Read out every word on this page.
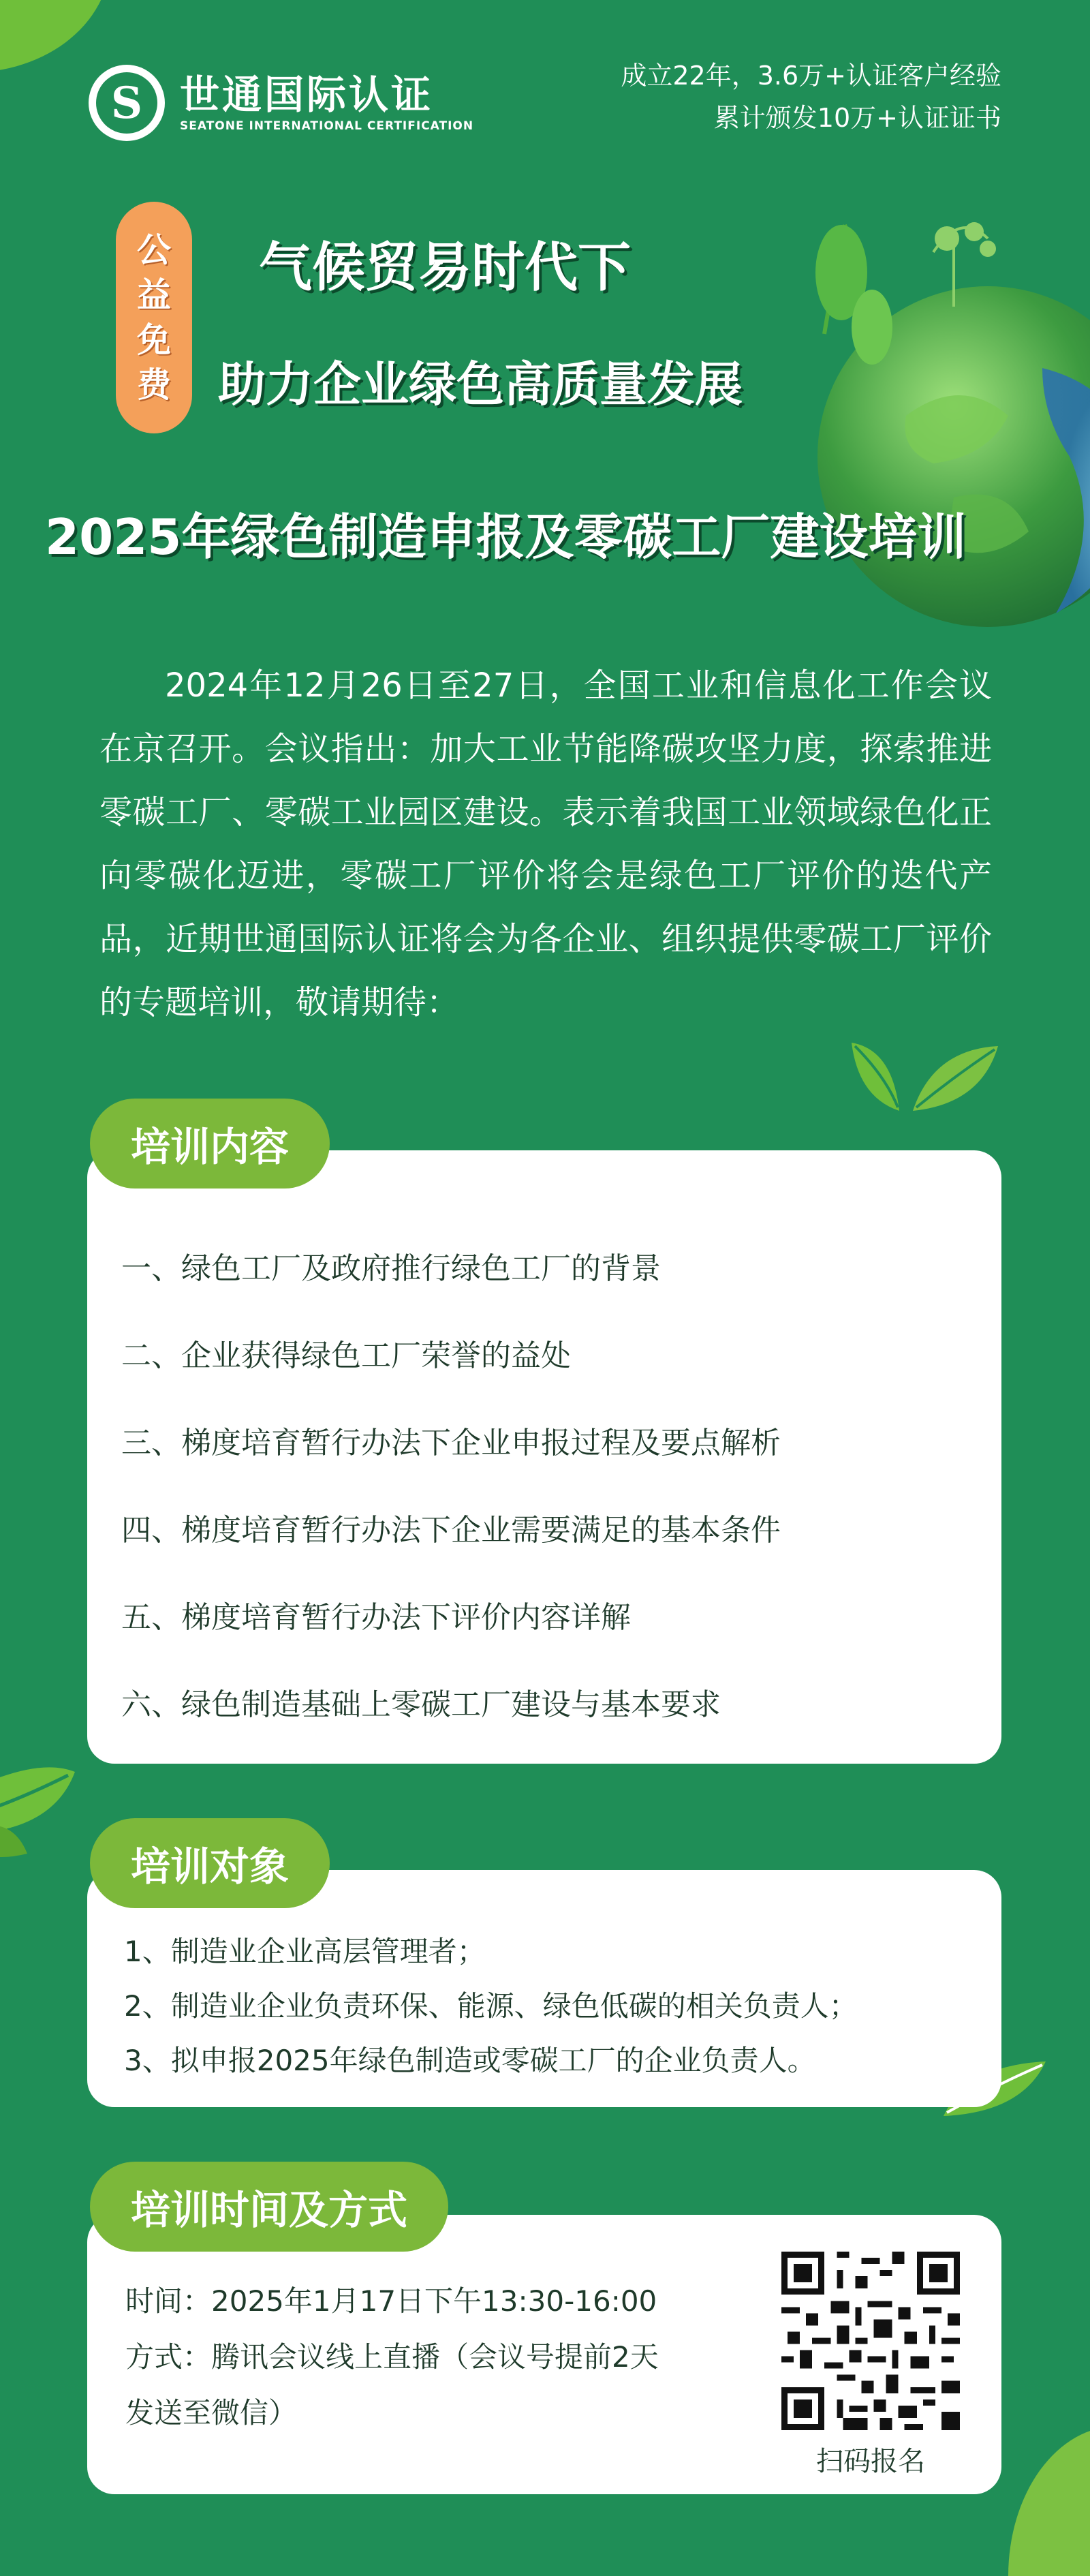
S 世通国际认证
SEATONE INTERNATIONAL CERTIFICATION
成立22年，3.6万+认证客户经验
累计颁发10万+认证证书
公
益
免
费
气候贸易时代下
助力企业绿色高质量发展
2025年绿色制造申报及零碳工厂建设培训
2024年12月26日至27日，全国工业和信息化工作会议在京召开。会议指出：加大工业节能降碳攻坚力度，探索推进零碳工厂、零碳工业园区建设。表示着我国工业领域绿色化正向零碳化迈进，零碳工厂评价将会是绿色工厂评价的迭代产品，近期世通国际认证将会为各企业、组织提供零碳工厂评价的专题培训，敬请期待：
一、绿色工厂及政府推行绿色工厂的背景
二、企业获得绿色工厂荣誉的益处
三、梯度培育暂行办法下企业申报过程及要点解析
四、梯度培育暂行办法下企业需要满足的基本条件
五、梯度培育暂行办法下评价内容详解
六、绿色制造基础上零碳工厂建设与基本要求
培训内容
1、制造业企业高层管理者；
2、制造业企业负责环保、能源、绿色低碳的相关负责人；
3、拟申报2025年绿色制造或零碳工厂的企业负责人。
培训对象
时间：2025年1月17日下午13:30-16:00
方式：腾讯会议线上直播（会议号提前2天
发送至微信）
扫码报名
培训时间及方式
